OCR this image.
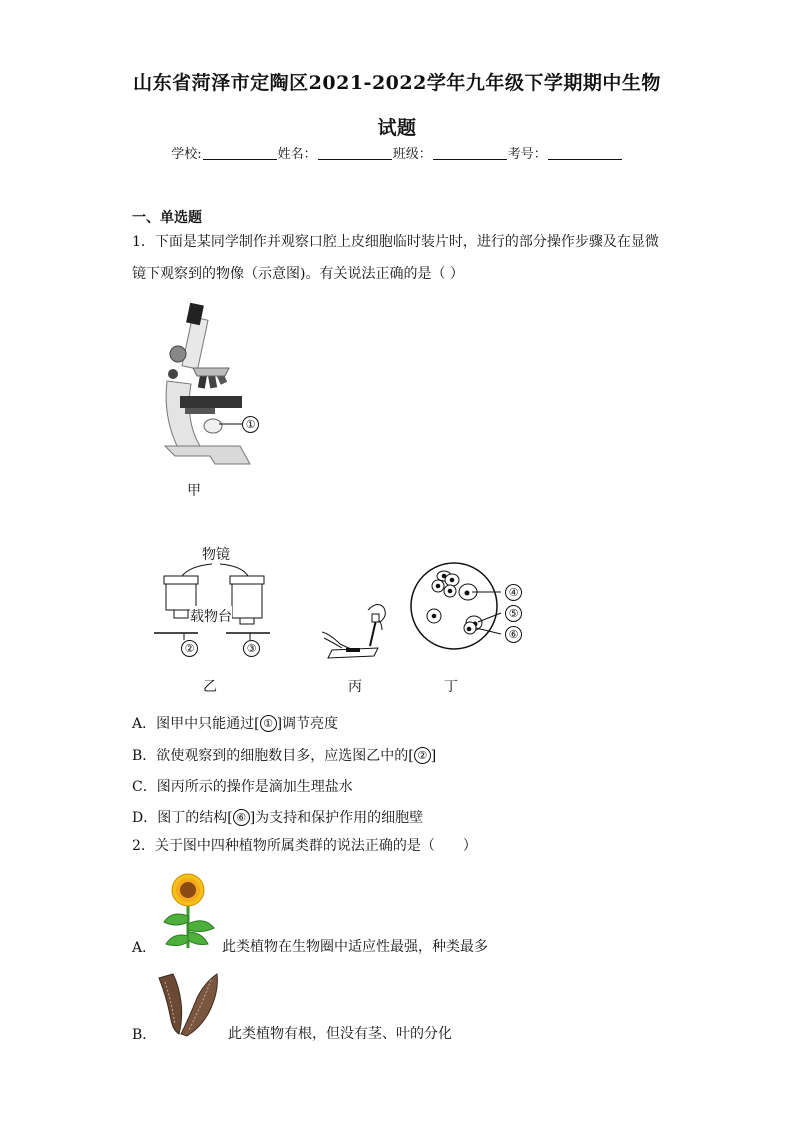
山东省菏泽市定陶区2021-2022学年九年级下学期期中生物
试题
学校:	姓名：	班级：	考号：
一、单选题
1．下面是某同学制作并观察口腔上皮细胞临时装片时，进行的部分操作步骤及在显微
镜下观察到的物像（示意图)。有关说法正确的是（ ）
①
甲
物镜
载物台
②	③
乙	丙
④
⑤
⑥
丁
A．图甲中只能通过[ ① ]调节亮度
B．欲使观察到的细胞数目多，应选图乙中的[ ② ]
C．图丙所示的操作是滴加生理盐水
D．图丁的结构[ ⑥ ]为支持和保护作用的细胞壁
2．关于图中四种植物所属类群的说法正确的是（　　）
A．	此类植物在生物圈中适应性最强，种类最多
B．	此类植物有根，但没有茎、叶的分化
